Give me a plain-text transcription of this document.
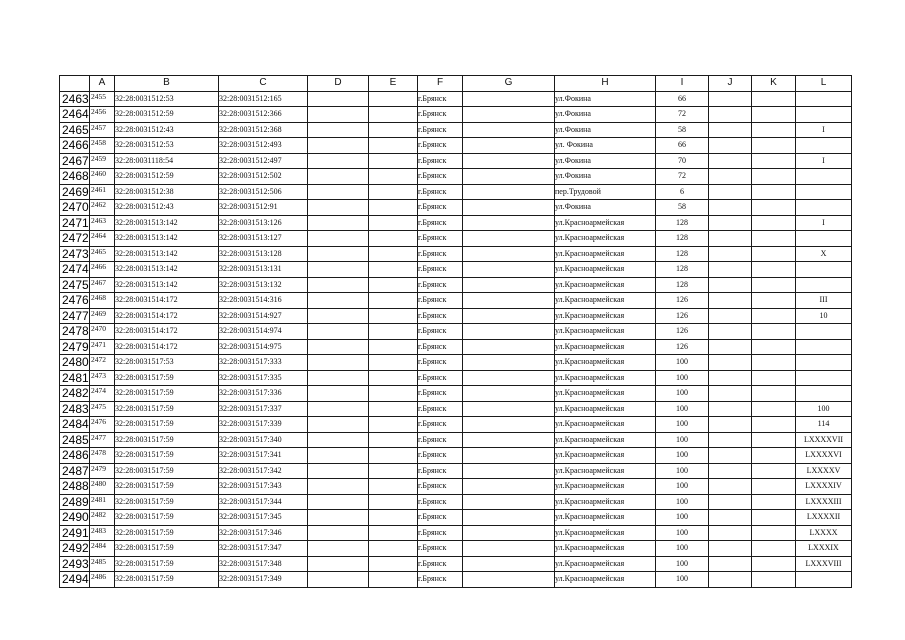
	A	B	C	D	E	F	G	H	I	J	K	L
2463	2455	32:28:0031512:53	32:28:0031512:165			г.Брянск		ул.Фокина	66			
2464	2456	32:28:0031512:59	32:28:0031512:366			г.Брянск		ул.Фокина	72			
2465	2457	32:28:0031512:43	32:28:0031512:368			г.Брянск		ул.Фокина	58			I
2466	2458	32:28:0031512:53	32:28:0031512:493			г.Брянск		ул. Фокина	66			
2467	2459	32:28:0031118:54	32:28:0031512:497			г.Брянск		ул.Фокина	70			I
2468	2460	32:28:0031512:59	32:28:0031512:502			г.Брянск		ул.Фокина	72			
2469	2461	32:28:0031512:38	32:28:0031512:506			г.Брянск		пер.Трудовой	6			
2470	2462	32:28:0031512:43	32:28:0031512:91			г.Брянск		ул.Фокина	58			
2471	2463	32:28:0031513:142	32:28:0031513:126			г.Брянск		ул.Красноармейская	128			I
2472	2464	32:28:0031513:142	32:28:0031513:127			г.Брянск		ул.Красноармейская	128			
2473	2465	32:28:0031513:142	32:28:0031513:128			г.Брянск		ул.Красноармейская	128			X
2474	2466	32:28:0031513:142	32:28:0031513:131			г.Брянск		ул.Красноармейская	128			
2475	2467	32:28:0031513:142	32:28:0031513:132			г.Брянск		ул.Красноармейская	128			
2476	2468	32:28:0031514:172	32:28:0031514:316			г.Брянск		ул.Красноармейская	126			III
2477	2469	32:28:0031514:172	32:28:0031514:927			г.Брянск		ул.Красноармейская	126			10
2478	2470	32:28:0031514:172	32:28:0031514:974			г.Брянск		ул.Красноармейская	126			
2479	2471	32:28:0031514:172	32:28:0031514:975			г.Брянск		ул.Красноармейская	126			
2480	2472	32:28:0031517:53	32:28:0031517:333			г.Брянск		ул.Красноармейская	100			
2481	2473	32:28:0031517:59	32:28:0031517:335			г.Брянск		ул.Красноармейская	100			
2482	2474	32:28:0031517:59	32:28:0031517:336			г.Брянск		ул.Красноармейская	100			
2483	2475	32:28:0031517:59	32:28:0031517:337			г.Брянск		ул.Красноармейская	100			100
2484	2476	32:28:0031517:59	32:28:0031517:339			г.Брянск		ул.Красноармейская	100			114
2485	2477	32:28:0031517:59	32:28:0031517:340			г.Брянск		ул.Красноармейская	100			LXXXXVII
2486	2478	32:28:0031517:59	32:28:0031517:341			г.Брянск		ул.Красноармейская	100			LXXXXVI
2487	2479	32:28:0031517:59	32:28:0031517:342			г.Брянск		ул.Красноармейская	100			LXXXXV
2488	2480	32:28:0031517:59	32:28:0031517:343			г.Брянск		ул.Красноармейская	100			LXXXXIV
2489	2481	32:28:0031517:59	32:28:0031517:344			г.Брянск		ул.Красноармейская	100			LXXXXIII
2490	2482	32:28:0031517:59	32:28:0031517:345			г.Брянск		ул.Красноармейская	100			LXXXXII
2491	2483	32:28:0031517:59	32:28:0031517:346			г.Брянск		ул.Красноармейская	100			LXXXX
2492	2484	32:28:0031517:59	32:28:0031517:347			г.Брянск		ул.Красноармейская	100			LXXXIX
2493	2485	32:28:0031517:59	32:28:0031517:348			г.Брянск		ул.Красноармейская	100			LXXXVIII
2494	2486	32:28:0031517:59	32:28:0031517:349			г.Брянск		ул.Красноармейская	100			
